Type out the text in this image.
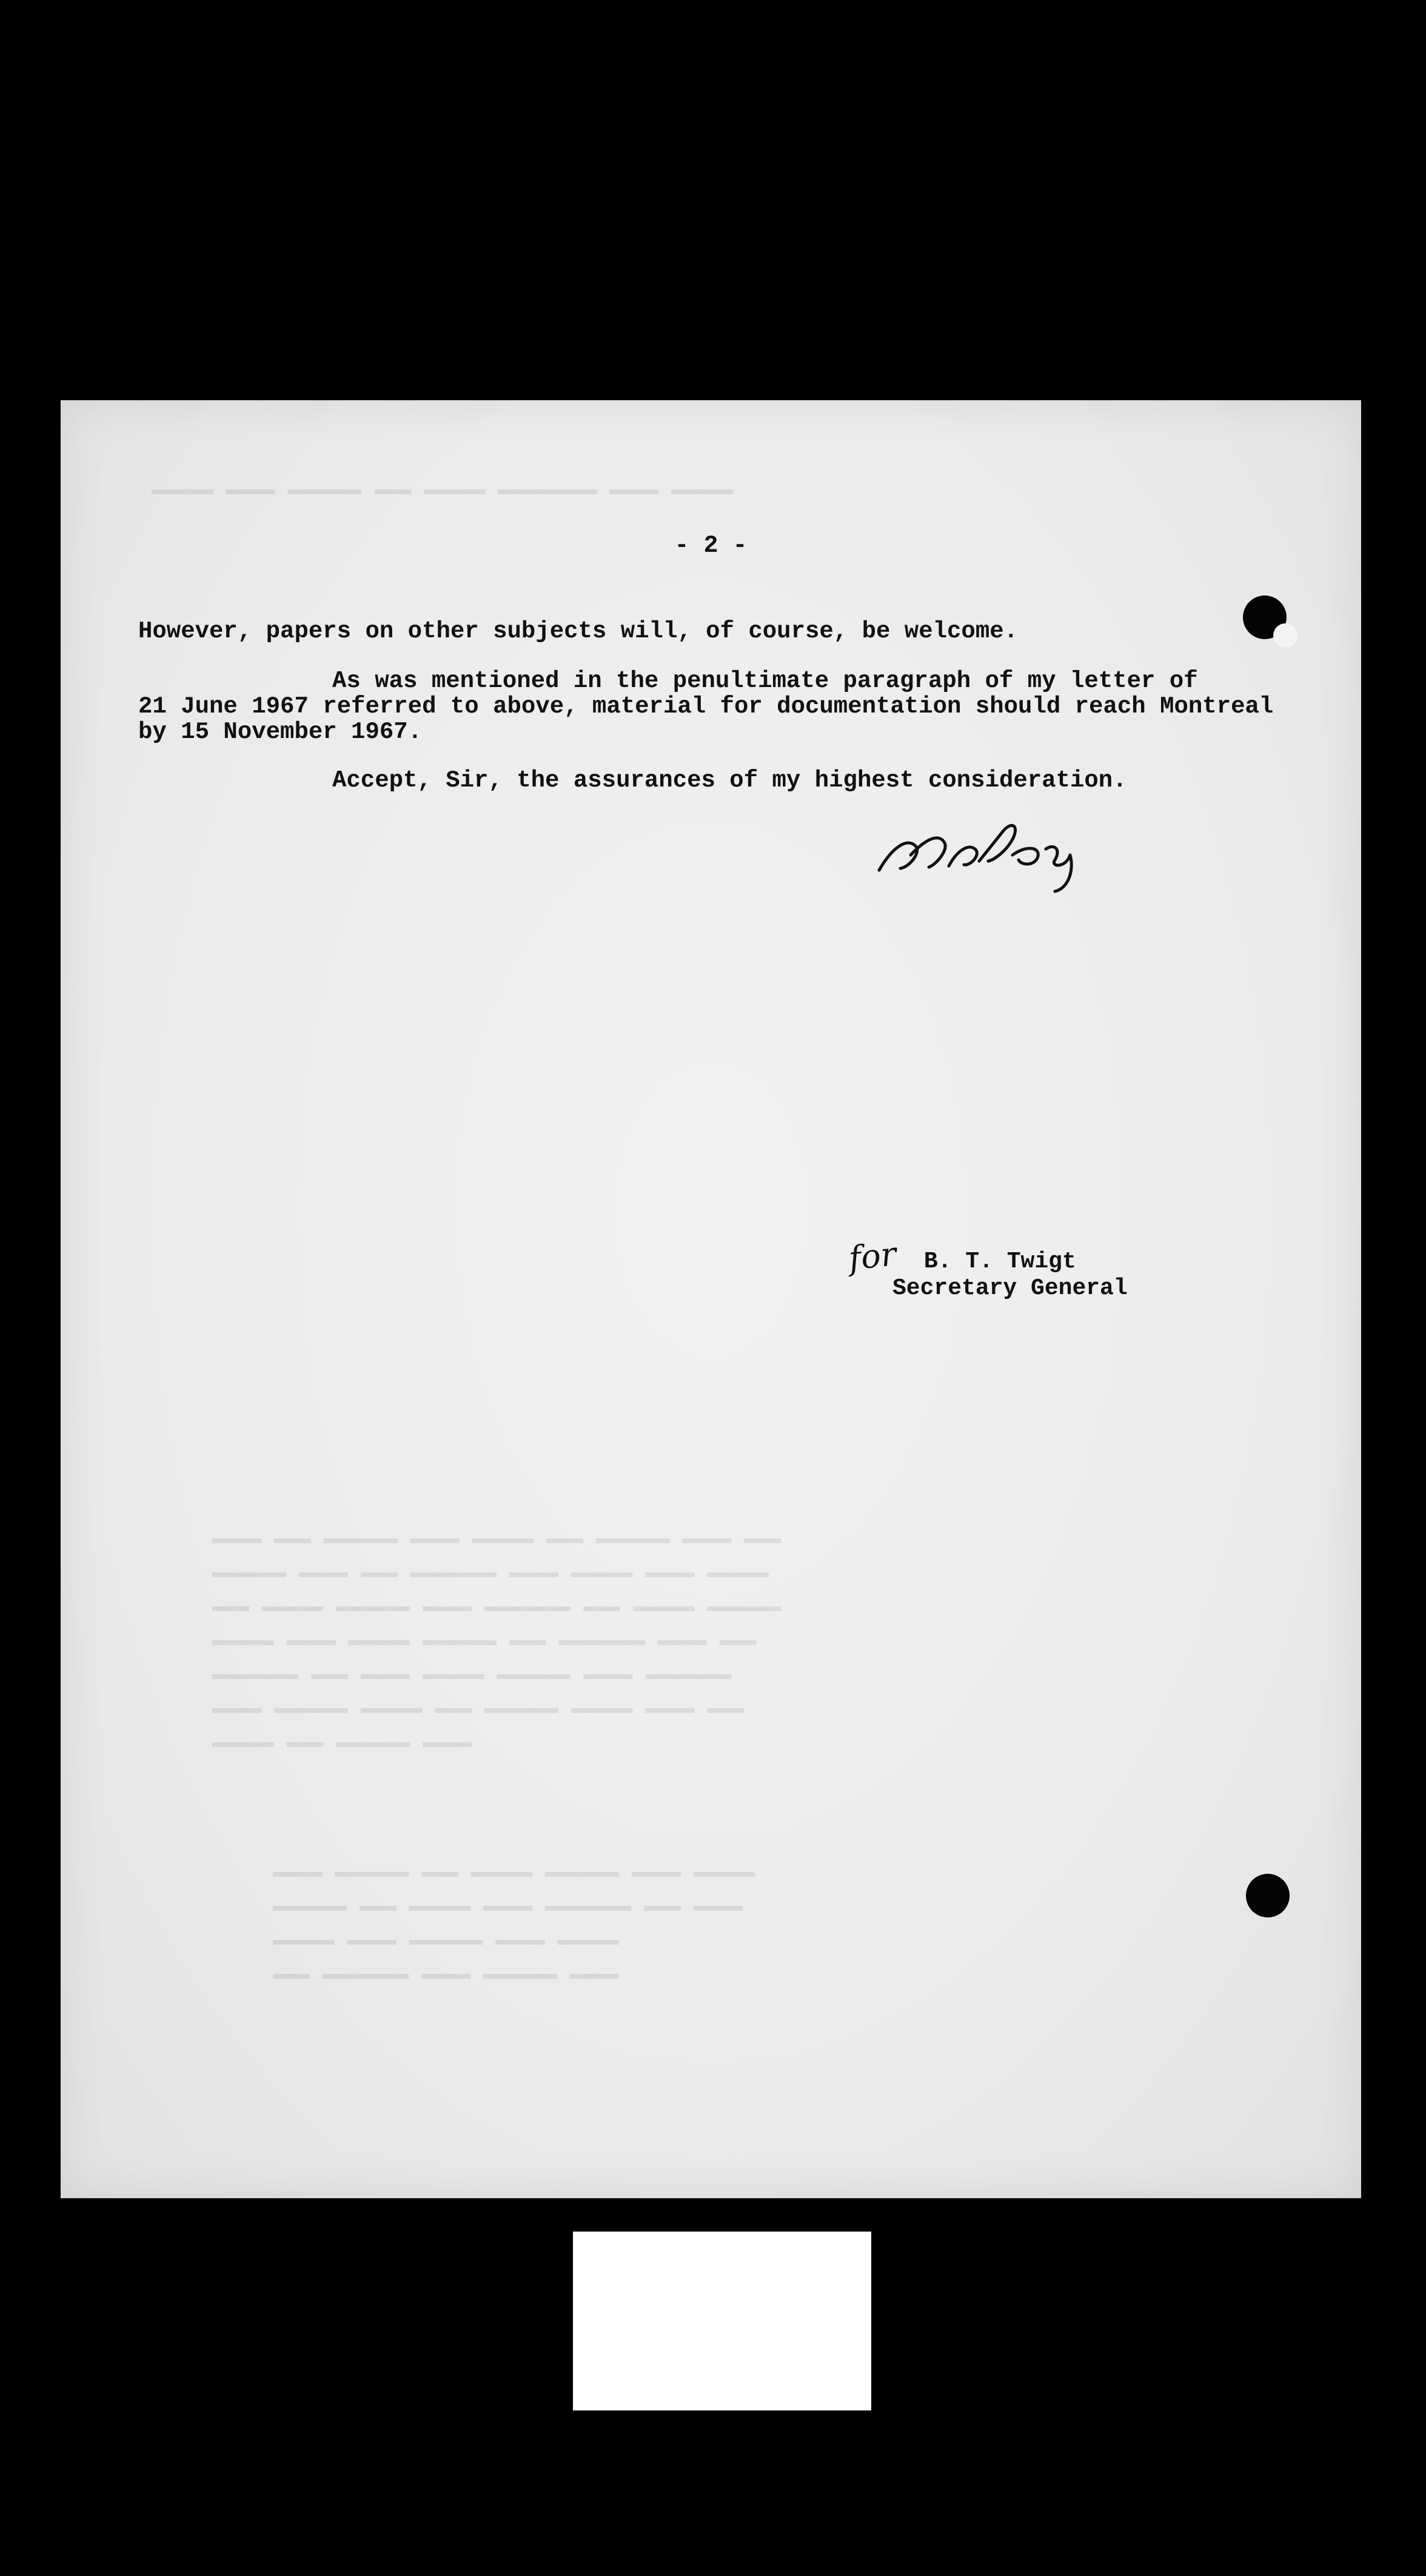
▬▬▬▬▬ ▬▬▬▬ ▬▬▬▬▬▬ ▬▬▬ ▬▬▬▬▬ ▬▬▬▬▬▬▬▬ ▬▬▬▬ ▬▬▬▬▬
▬▬▬▬ ▬▬▬ ▬▬▬▬▬▬ ▬▬▬▬ ▬▬▬▬▬ ▬▬▬ ▬▬▬▬▬▬ ▬▬▬▬ ▬▬▬
▬▬▬▬▬▬ ▬▬▬▬ ▬▬▬ ▬▬▬▬▬▬▬ ▬▬▬▬ ▬▬▬▬▬ ▬▬▬▬ ▬▬▬▬▬
▬▬▬ ▬▬▬▬▬ ▬▬▬▬▬▬ ▬▬▬▬ ▬▬▬▬▬▬▬ ▬▬▬ ▬▬▬▬▬ ▬▬▬▬▬▬
▬▬▬▬▬ ▬▬▬▬ ▬▬▬▬▬ ▬▬▬▬▬▬ ▬▬▬ ▬▬▬▬▬▬▬ ▬▬▬▬ ▬▬▬
▬▬▬▬▬▬▬ ▬▬▬ ▬▬▬▬ ▬▬▬▬▬ ▬▬▬▬▬▬ ▬▬▬▬ ▬▬▬▬▬▬▬
▬▬▬▬ ▬▬▬▬▬▬ ▬▬▬▬▬ ▬▬▬ ▬▬▬▬▬▬ ▬▬▬▬▬ ▬▬▬▬ ▬▬▬
▬▬▬▬▬ ▬▬▬ ▬▬▬▬▬▬ ▬▬▬▬
▬▬▬▬ ▬▬▬▬▬▬ ▬▬▬ ▬▬▬▬▬ ▬▬▬▬▬▬ ▬▬▬▬ ▬▬▬▬▬
▬▬▬▬▬▬ ▬▬▬ ▬▬▬▬▬ ▬▬▬▬ ▬▬▬▬▬▬▬ ▬▬▬ ▬▬▬▬
▬▬▬▬▬ ▬▬▬▬ ▬▬▬▬▬▬ ▬▬▬▬ ▬▬▬▬▬
▬▬▬ ▬▬▬▬▬▬▬ ▬▬▬▬ ▬▬▬▬▬▬ ▬▬▬▬
- 2 -
However, papers on other subjects will, of course, be welcome.
As was mentioned in the penultimate paragraph of my letter of
21 June 1967 referred to above, material for documentation should reach Montreal
by 15 November 1967.
Accept, Sir, the assurances of my highest consideration.
for B. T. Twigt
Secretary General
